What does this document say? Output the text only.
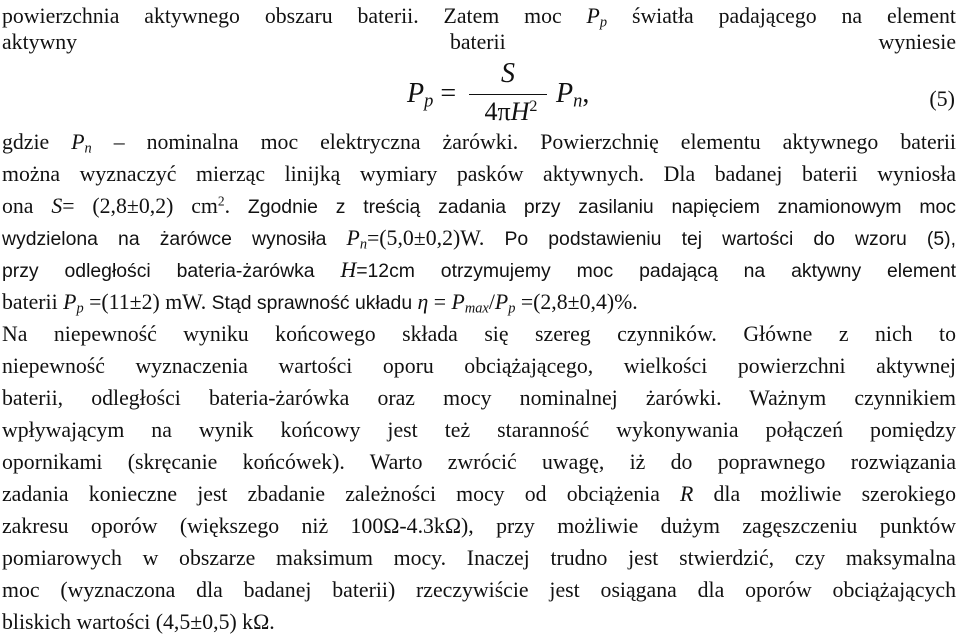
powierzchnia aktywnego obszaru baterii. Zatem moc $P_p$ światła padającego na element
aktywny baterii wyniesie
gdzie $P_n$ – nominalna moc elektryczna żarówki. Powierzchnię elementu aktywnego baterii
można wyznaczyć mierząc linijką wymiary pasków aktywnych. Dla badanej baterii wyniosła
ona S= (2,8±0,2) $cm^2$. Zgodnie z treścią zadania przy zasilaniu napięciem znamionowym moc
wydzielona na żarówce wynosiła $P_n=(5,0\pm 0,2)W$. Po podstawieniu tej wartości do wzoru (5),
przy odległości bateria-żarówka H=12cm otrzymujemy moc padającą na aktywny element
baterii $P_p =(11\pm 2)$ mW. Stąd sprawność układu $\eta = P_{max}/P_p =(2,8\pm 0,4)\%$.
Na niepewność wyniku końcowego składa się szereg czynników. Główne z nich to
niepewność wyznaczenia wartości oporu obciążającego, wielkości powierzchni aktywnej
baterii, odległości bateria-żarówka oraz mocy nominalnej żarówki. Ważnym czynnikiem
wpływającym na wynik końcowy jest też staranność wykonywania połączeń pomiędzy
opornikami (skręcanie końcówek). Warto zwrócić uwagę, iż do poprawnego rozwiązania
zadania konieczne jest zbadanie zależności mocy od obciążenia R dla możliwie szerokiego
zakresu oporów (większego niż 100Ω-4.3kΩ), przy możliwie dużym zagęszczeniu punktów
pomiarowych w obszarze maksimum mocy. Inaczej trudno jest stwierdzić, czy maksymalna
moc (wyznaczona dla badanej baterii) rzeczywiście jest osiągana dla oporów obciążających
bliskich wartości (4,5±0,5) kΩ.
$P_p$ =
S
$4\pi H^2$ $P_n$,	(5)
